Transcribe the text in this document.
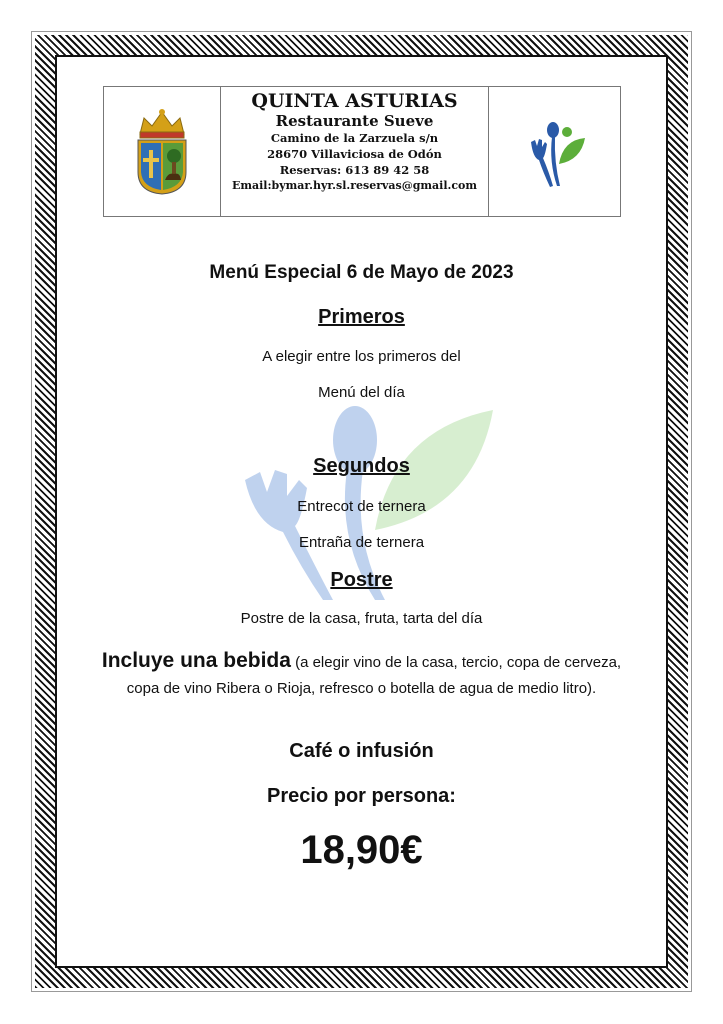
QUINTA ASTURIAS
Restaurante Sueve
Camino de la Zarzuela s/n
28670 Villaviciosa de Odón
Reservas: 613 89 42 58
Email:bymar.hyr.sl.reservas@gmail.com
Menú Especial 6 de Mayo de 2023
Primeros
A elegir entre los primeros del
Menú del día
Segundos
Entrecot de ternera
Entraña de ternera
Postre
Postre de la casa, fruta, tarta del día
Incluye una bebida (a elegir vino de la casa, tercio, copa de cerveza, copa de vino Ribera o Rioja, refresco o botella de agua de medio litro).
Café o infusión
Precio por persona:
18,90€
